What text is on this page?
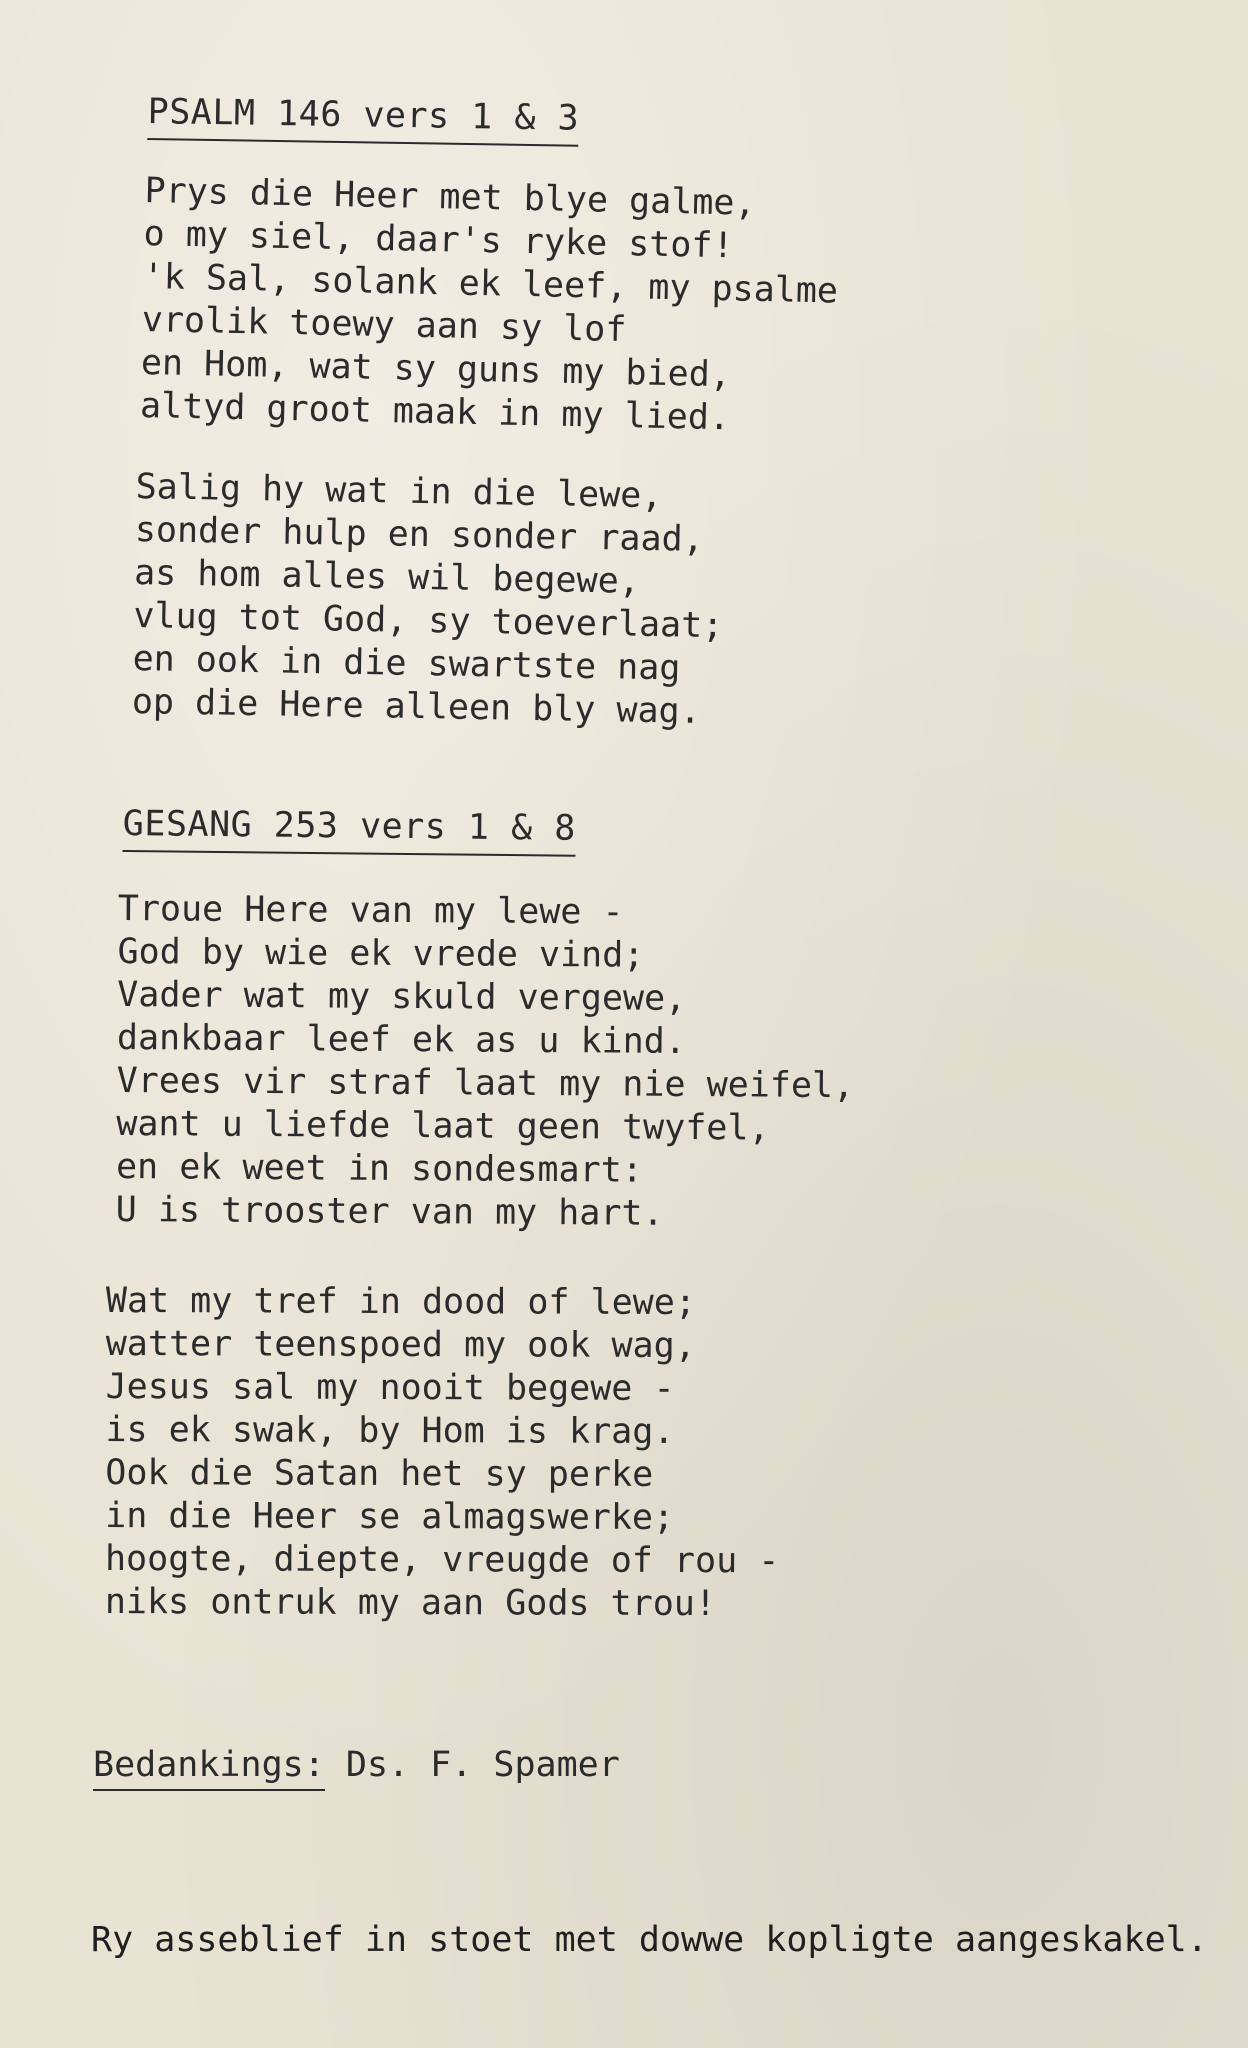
PSALM 146 vers 1 & 3
Prys die Heer met blye galme,
o my siel, daar's ryke stof!
'k Sal, solank ek leef, my psalme
vrolik toewy aan sy lof
en Hom, wat sy guns my bied,
altyd groot maak in my lied.
Salig hy wat in die lewe,
sonder hulp en sonder raad,
as hom alles wil begewe,
vlug tot God, sy toeverlaat;
en ook in die swartste nag
op die Here alleen bly wag.
GESANG 253 vers 1 & 8
Troue Here van my lewe -
God by wie ek vrede vind;
Vader wat my skuld vergewe,
dankbaar leef ek as u kind.
Vrees vir straf laat my nie weifel,
want u liefde laat geen twyfel,
en ek weet in sondesmart:
U is trooster van my hart.
Wat my tref in dood of lewe;
watter teenspoed my ook wag,
Jesus sal my nooit begewe -
is ek swak, by Hom is krag.
Ook die Satan het sy perke
in die Heer se almagswerke;
hoogte, diepte, vreugde of rou -
niks ontruk my aan Gods trou!
Bedankings: Ds. F. Spamer
Ry asseblief in stoet met dowwe kopligte aangeskakel.
